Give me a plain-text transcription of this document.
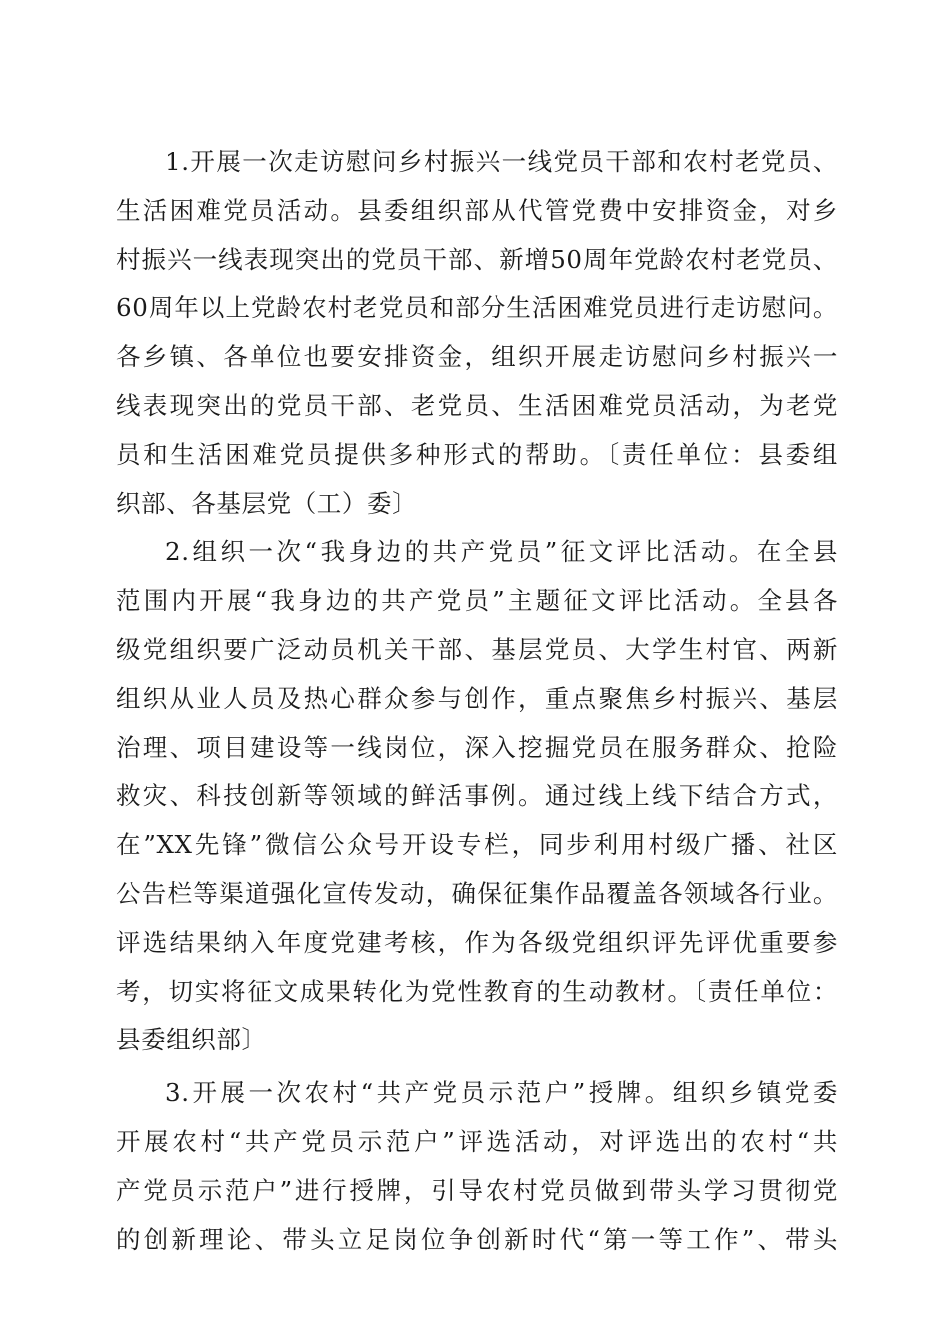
1.开展一次走访慰问乡村振兴一线党员干部和农村老党员、
生活困难党员活动。县委组织部从代管党费中安排资金，对乡
村振兴一线表现突出的党员干部、新增50周年党龄农村老党员、
60周年以上党龄农村老党员和部分生活困难党员进行走访慰问。
各乡镇、各单位也要安排资金，组织开展走访慰问乡村振兴一
线表现突出的党员干部、老党员、生活困难党员活动，为老党
员和生活困难党员提供多种形式的帮助。〔责任单位：县委组
织部、各基层党（工）委〕
2.组织一次“我身边的共产党员”征文评比活动。在全县
范围内开展“我身边的共产党员”主题征文评比活动。全县各
级党组织要广泛动员机关干部、基层党员、大学生村官、两新
组织从业人员及热心群众参与创作，重点聚焦乡村振兴、基层
治理、项目建设等一线岗位，深入挖掘党员在服务群众、抢险
救灾、科技创新等领域的鲜活事例。通过线上线下结合方式，
在”XX先锋”微信公众号开设专栏，同步利用村级广播、社区
公告栏等渠道强化宣传发动，确保征集作品覆盖各领域各行业。
评选结果纳入年度党建考核，作为各级党组织评先评优重要参
考，切实将征文成果转化为党性教育的生动教材。〔责任单位：
县委组织部〕
3.开展一次农村“共产党员示范户”授牌。组织乡镇党委
开展农村“共产党员示范户”评选活动，对评选出的农村“共
产党员示范户”进行授牌，引导农村党员做到带头学习贯彻党
的创新理论、带头立足岗位争创新时代“第一等工作”、带头
